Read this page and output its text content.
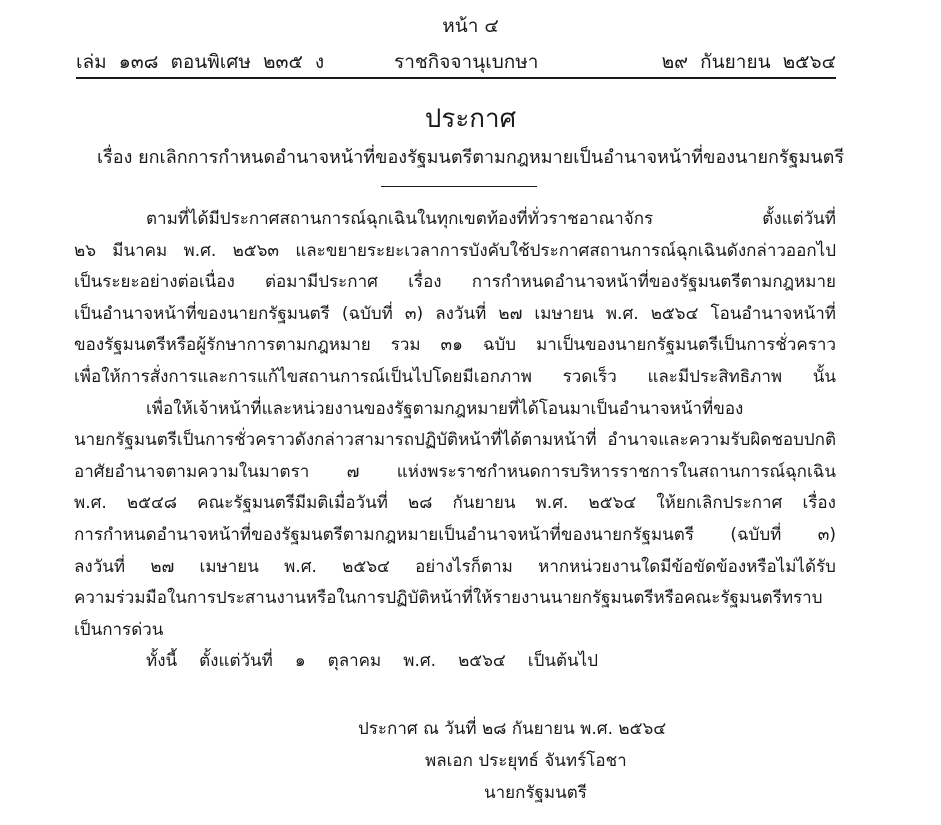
หน้า ๔
เล่ม  ๑๓๘  ตอนพิเศษ  ๒๓๕  ง	ราชกิจจานุเบกษา	๒๙  กันยายน  ๒๕๖๔
ประกาศ
เรื่อง ยกเลิกการกำหนดอำนาจหน้าที่ของรัฐมนตรีตามกฎหมายเป็นอำนาจหน้าที่ของนายกรัฐมนตรี
ตามที่ได้มีประกาศสถานการณ์ฉุกเฉินในทุกเขตท้องที่ทั่วราชอาณาจักร	ตั้งแต่วันที่
๒๖ มีนาคม พ.ศ. ๒๕๖๓ และขยายระยะเวลาการบังคับใช้ประกาศสถานการณ์ฉุกเฉินดังกล่าวออกไป
เป็นระยะอย่างต่อเนื่อง ต่อมามีประกาศ เรื่อง การกำหนดอำนาจหน้าที่ของรัฐมนตรีตามกฎหมาย
เป็นอำนาจหน้าที่ของนายกรัฐมนตรี (ฉบับที่ ๓) ลงวันที่ ๒๗ เมษายน พ.ศ. ๒๕๖๔ โอนอำนาจหน้าที่
ของรัฐมนตรีหรือผู้รักษาการตามกฎหมาย รวม ๓๑ ฉบับ มาเป็นของนายกรัฐมนตรีเป็นการชั่วคราว
เพื่อให้การสั่งการและการแก้ไขสถานการณ์เป็นไปโดยมีเอกภาพ รวดเร็ว และมีประสิทธิภาพ นั้น
เพื่อให้เจ้าหน้าที่และหน่วยงานของรัฐตามกฎหมายที่ได้โอนมาเป็นอำนาจหน้าที่ของ
นายกรัฐมนตรีเป็นการชั่วคราวดังกล่าวสามารถปฏิบัติหน้าที่ได้ตามหน้าที่ อำนาจและความรับผิดชอบปกติ
อาศัยอำนาจตามความในมาตรา ๗ แห่งพระราชกำหนดการบริหารราชการในสถานการณ์ฉุกเฉิน
พ.ศ. ๒๕๔๘ คณะรัฐมนตรีมีมติเมื่อวันที่ ๒๘ กันยายน พ.ศ. ๒๕๖๔ ให้ยกเลิกประกาศ เรื่อง
การกำหนดอำนาจหน้าที่ของรัฐมนตรีตามกฎหมายเป็นอำนาจหน้าที่ของนายกรัฐมนตรี (ฉบับที่ ๓)
ลงวันที่ ๒๗ เมษายน พ.ศ. ๒๕๖๔ อย่างไรก็ตาม หากหน่วยงานใดมีข้อขัดข้องหรือไม่ได้รับ
ความร่วมมือในการประสานงานหรือในการปฏิบัติหน้าที่ให้รายงานนายกรัฐมนตรีหรือคณะรัฐมนตรีทราบ
เป็นการด่วน
ทั้งนี้ ตั้งแต่วันที่ ๑ ตุลาคม พ.ศ. ๒๕๖๔ เป็นต้นไป
ประกาศ ณ วันที่ ๒๘ กันยายน พ.ศ. ๒๕๖๔
พลเอก ประยุทธ์ จันทร์โอชา
นายกรัฐมนตรี
